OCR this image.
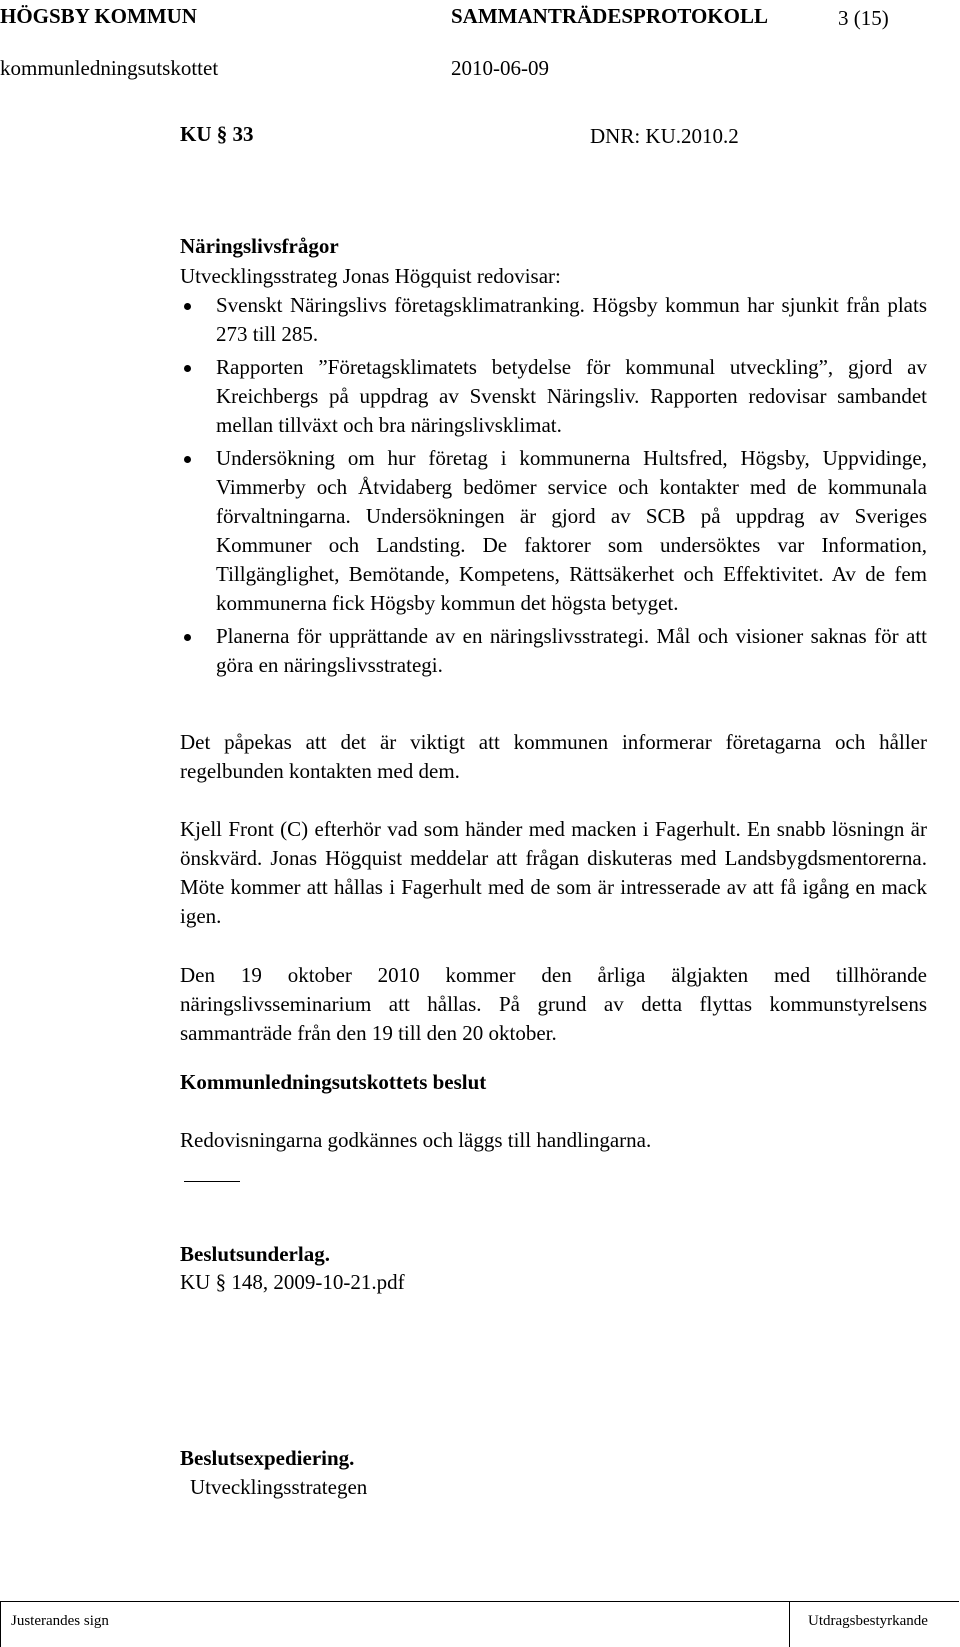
HÖGSBY KOMMUN	SAMMANTRÄDESPROTOKOLL	3 (15)
kommunledningsutskottet	2010-06-09
KU § 33	DNR: KU.2010.2
Näringslivsfrågor
Utvecklingsstrateg Jonas Högquist redovisar:
Svenskt Näringslivs företagsklimatranking. Högsby kommun har sjunkit från plats 273 till 285.
Rapporten ”Företagsklimatets betydelse för kommunal utveckling”, gjord av Kreichbergs på uppdrag av Svenskt Näringsliv. Rapporten redovisar sambandet mellan tillväxt och bra näringslivsklimat.
Undersökning om hur företag i kommunerna Hultsfred, Högsby, Uppvidinge, Vimmerby och Åtvidaberg bedömer service och kontakter med de kommunala förvaltningarna. Undersökningen är gjord av SCB på uppdrag av Sveriges Kommuner och Landsting. De faktorer som undersöktes var Information, Tillgänglighet, Bemötande, Kompetens, Rättsäkerhet och Effektivitet. Av de fem kommunerna fick Högsby kommun det högsta betyget.
Planerna för upprättande av en näringslivsstrategi. Mål och visioner saknas för att göra en näringslivsstrategi.

Det påpekas att det är viktigt att kommunen informerar företagarna och håller regelbunden kontakten med dem.

Kjell Front (C) efterhör vad som händer med macken i Fagerhult. En snabb lösningn är önskvärd. Jonas Högquist meddelar att frågan diskuteras med Landsbygdsmentorerna. Möte kommer att hållas i Fagerhult med de som är intresserade av att få igång en mack igen.

Den 19 oktober 2010 kommer den årliga älgjakten med tillhörande näringslivsseminarium att hållas. På grund av detta flyttas kommunstyrelsens sammanträde från den 19 till den 20 oktober.

Kommunledningsutskottets beslut
Redovisningarna godkännes och läggs till handlingarna.
Beslutsunderlag.
KU § 148, 2009-10-21.pdf
Beslutsexpediering.
Utvecklingsstrategen
Justerandes sign	Utdragsbestyrkande
